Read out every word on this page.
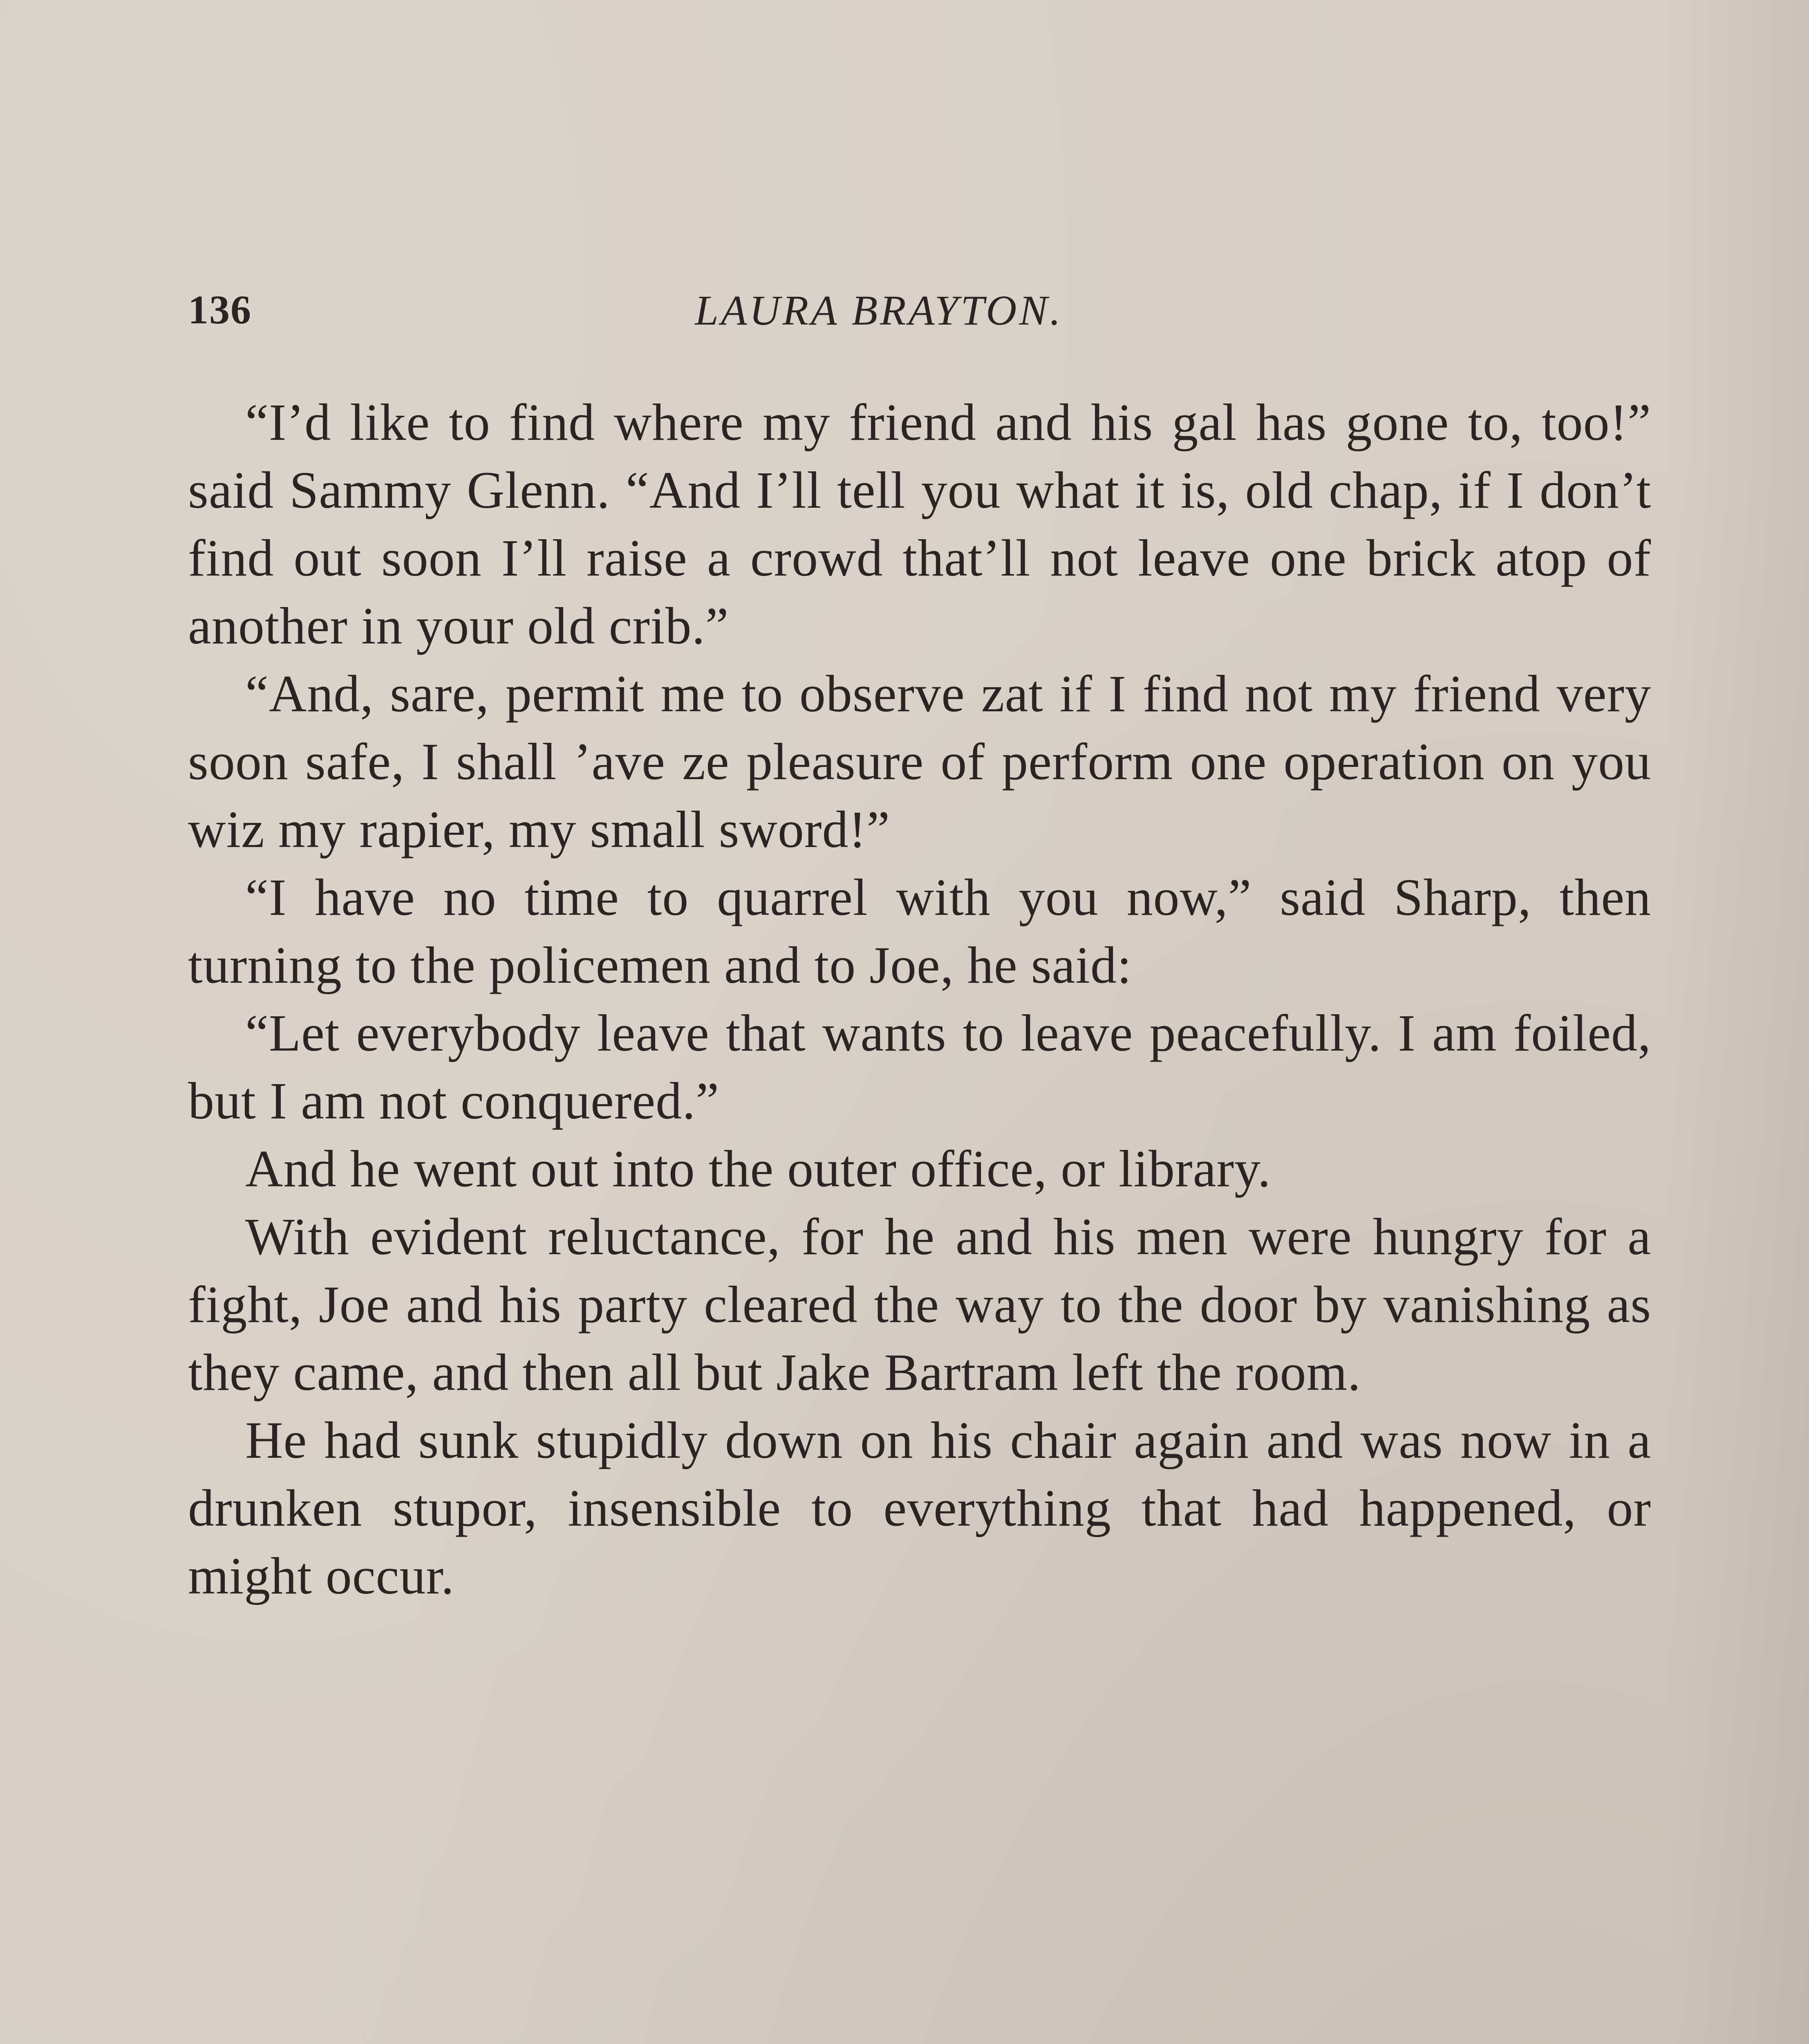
136	LAURA BRAYTON.

“I’d like to find where my friend and his gal has gone to, too!” said Sammy Glenn. “And I’ll tell you what it is, old chap, if I don’t find out soon I’ll raise a crowd that’ll not leave one brick atop of another in your old crib.”

“And, sare, permit me to observe zat if I find not my friend very soon safe, I shall ’ave ze pleasure of perform one operation on you wiz my rapier, my small sword!”

“I have no time to quarrel with you now,” said Sharp, then turning to the policemen and to Joe, he said:

“Let everybody leave that wants to leave peacefully. I am foiled, but I am not conquered.”

And he went out into the outer office, or library.

With evident reluctance, for he and his men were hungry for a fight, Joe and his party cleared the way to the door by vanishing as they came, and then all but Jake Bartram left the room.

He had sunk stupidly down on his chair again and was now in a drunken stupor, insensible to everything that had happened, or might occur.
